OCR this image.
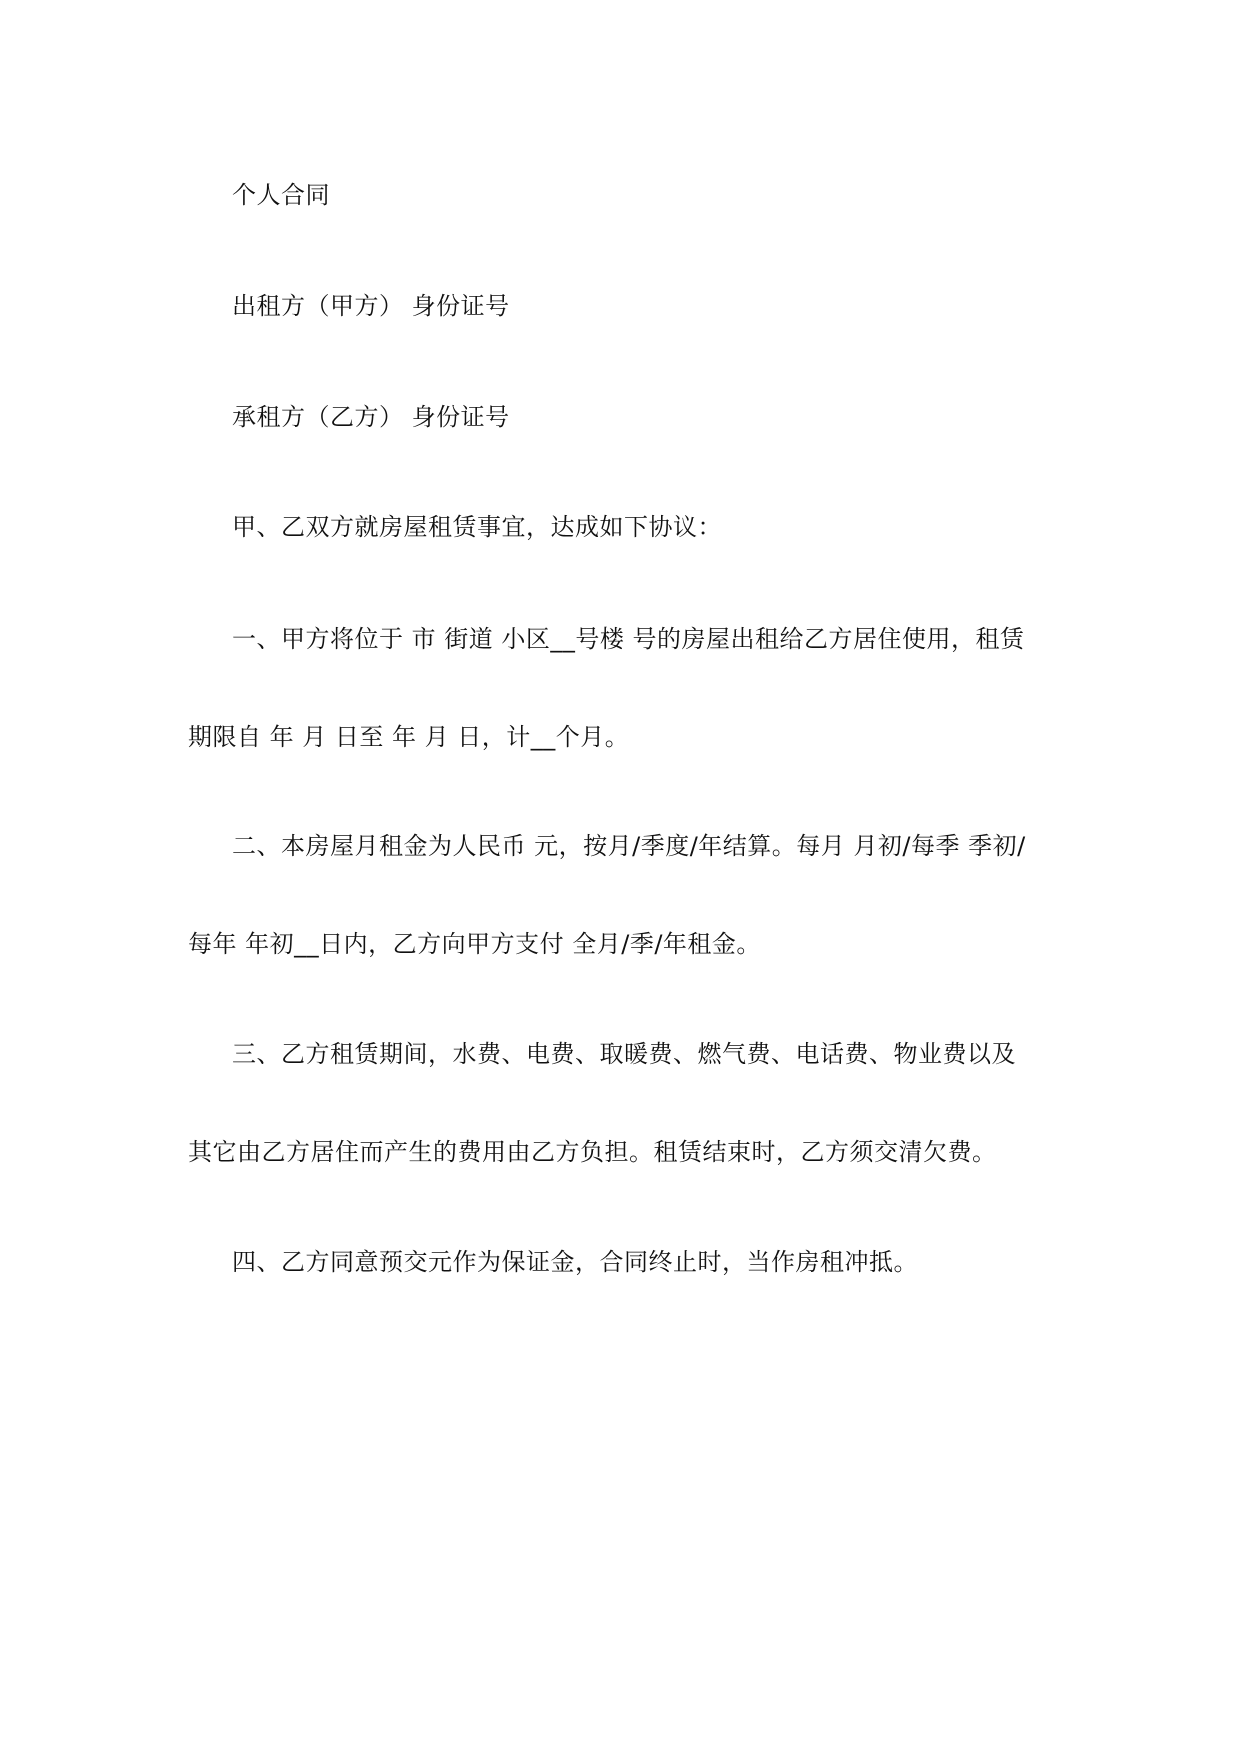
个人合同

出租方（甲方） 身份证号

承租方（乙方） 身份证号

甲、乙双方就房屋租赁事宜，达成如下协议：

一、甲方将位于 市 街道 小区__号楼 号的房屋出租给乙方居住使用，租赁

期限自 年 月 日至 年 月 日，计__个月。

二、本房屋月租金为人民币 元，按月/季度/年结算。每月 月初/每季 季初/

每年 年初__日内，乙方向甲方支付 全月/季/年租金。

三、乙方租赁期间，水费、电费、取暖费、燃气费、电话费、物业费以及

其它由乙方居住而产生的费用由乙方负担。租赁结束时，乙方须交清欠费。

四、乙方同意预交元作为保证金，合同终止时，当作房租冲抵。
